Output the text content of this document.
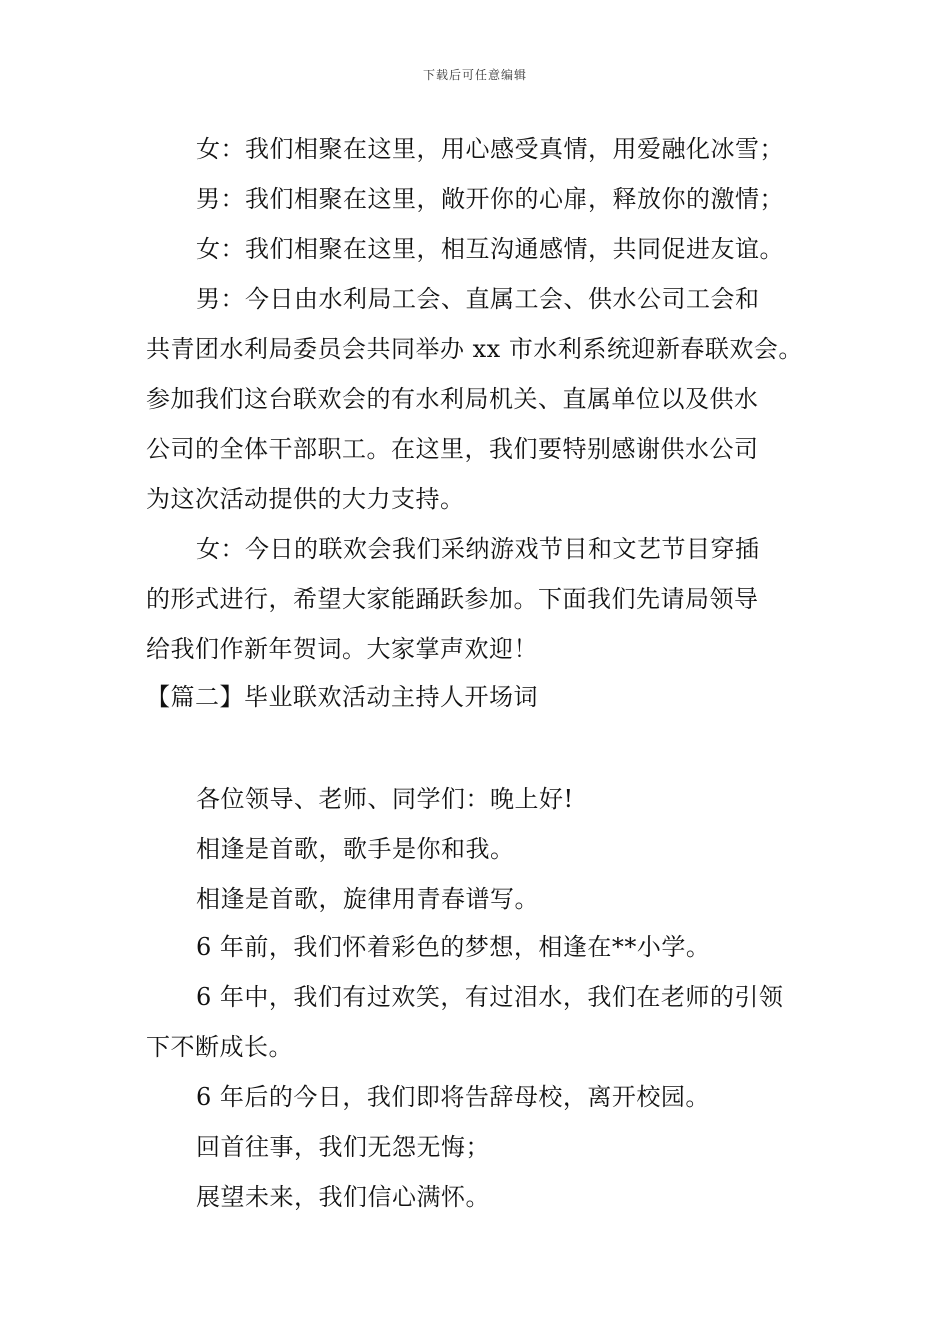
下载后可任意编辑
女：我们相聚在这里，用心感受真情，用爱融化冰雪；
男：我们相聚在这里，敞开你的心扉，释放你的激情；
女：我们相聚在这里，相互沟通感情，共同促进友谊。
男：今日由水利局工会、直属工会、供水公司工会和
共青团水利局委员会共同举办 xx 市水利系统迎新春联欢会。
参加我们这台联欢会的有水利局机关、直属单位以及供水
公司的全体干部职工。在这里，我们要特别感谢供水公司
为这次活动提供的大力支持。
女：今日的联欢会我们采纳游戏节目和文艺节目穿插
的形式进行，希望大家能踊跃参加。下面我们先请局领导
给我们作新年贺词。大家掌声欢迎！
【篇二】毕业联欢活动主持人开场词
各位领导、老师、同学们：晚上好!
相逢是首歌，歌手是你和我。
相逢是首歌，旋律用青春谱写。
6 年前，我们怀着彩色的梦想，相逢在**小学。
6 年中，我们有过欢笑，有过泪水，我们在老师的引领
下不断成长。
6 年后的今日，我们即将告辞母校，离开校园。
回首往事，我们无怨无悔；
展望未来，我们信心满怀。
